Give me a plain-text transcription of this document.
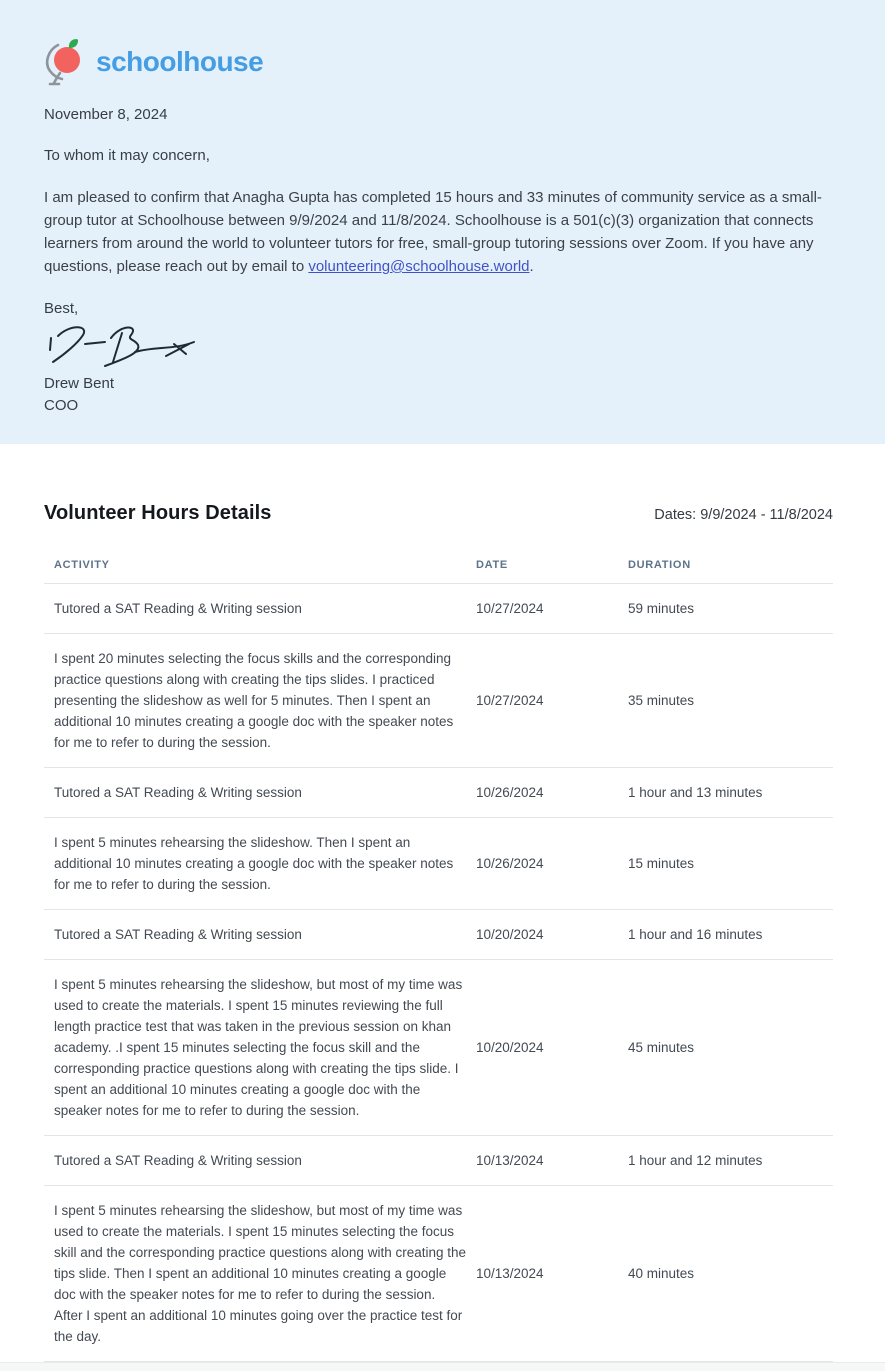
schoolhouse

November 8, 2024

To whom it may concern,

I am pleased to confirm that Anagha Gupta has completed 15 hours and 33 minutes of community service as a small-group tutor at Schoolhouse between 9/9/2024 and 11/8/2024. Schoolhouse is a 501(c)(3) organization that connects learners from around the world to volunteer tutors for free, small-group tutoring sessions over Zoom. If you have any questions, please reach out by email to volunteering@schoolhouse.world.

Best,

Drew Bent

COO

Volunteer Hours Details	Dates: 9/9/2024 - 11/8/2024
ACTIVITY	DATE	DURATION
Tutored a SAT Reading & Writing session	10/27/2024	59 minutes
I spent 20 minutes selecting the focus skills and the corresponding practice questions along with creating the tips slides. I practiced presenting the slideshow as well for 5 minutes. Then I spent an additional 10 minutes creating a google doc with the speaker notes for me to refer to during the session.	10/27/2024	35 minutes
Tutored a SAT Reading & Writing session	10/26/2024	1 hour and 13 minutes
I spent 5 minutes rehearsing the slideshow. Then I spent an additional 10 minutes creating a google doc with the speaker notes for me to refer to during the session.	10/26/2024	15 minutes
Tutored a SAT Reading & Writing session	10/20/2024	1 hour and 16 minutes
I spent 5 minutes rehearsing the slideshow, but most of my time was used to create the materials. I spent 15 minutes reviewing the full length practice test that was taken in the previous session on khan academy. .I spent 15 minutes selecting the focus skill and the corresponding practice questions along with creating the tips slide. I spent an additional 10 minutes creating a google doc with the speaker notes for me to refer to during the session.	10/20/2024	45 minutes
Tutored a SAT Reading & Writing session	10/13/2024	1 hour and 12 minutes
I spent 5 minutes rehearsing the slideshow, but most of my time was used to create the materials. I spent 15 minutes selecting the focus skill and the corresponding practice questions along with creating the tips slide. Then I spent an additional 10 minutes creating a google doc with the speaker notes for me to refer to during the session. After I spent an additional 10 minutes going over the practice test for the day.	10/13/2024	40 minutes
